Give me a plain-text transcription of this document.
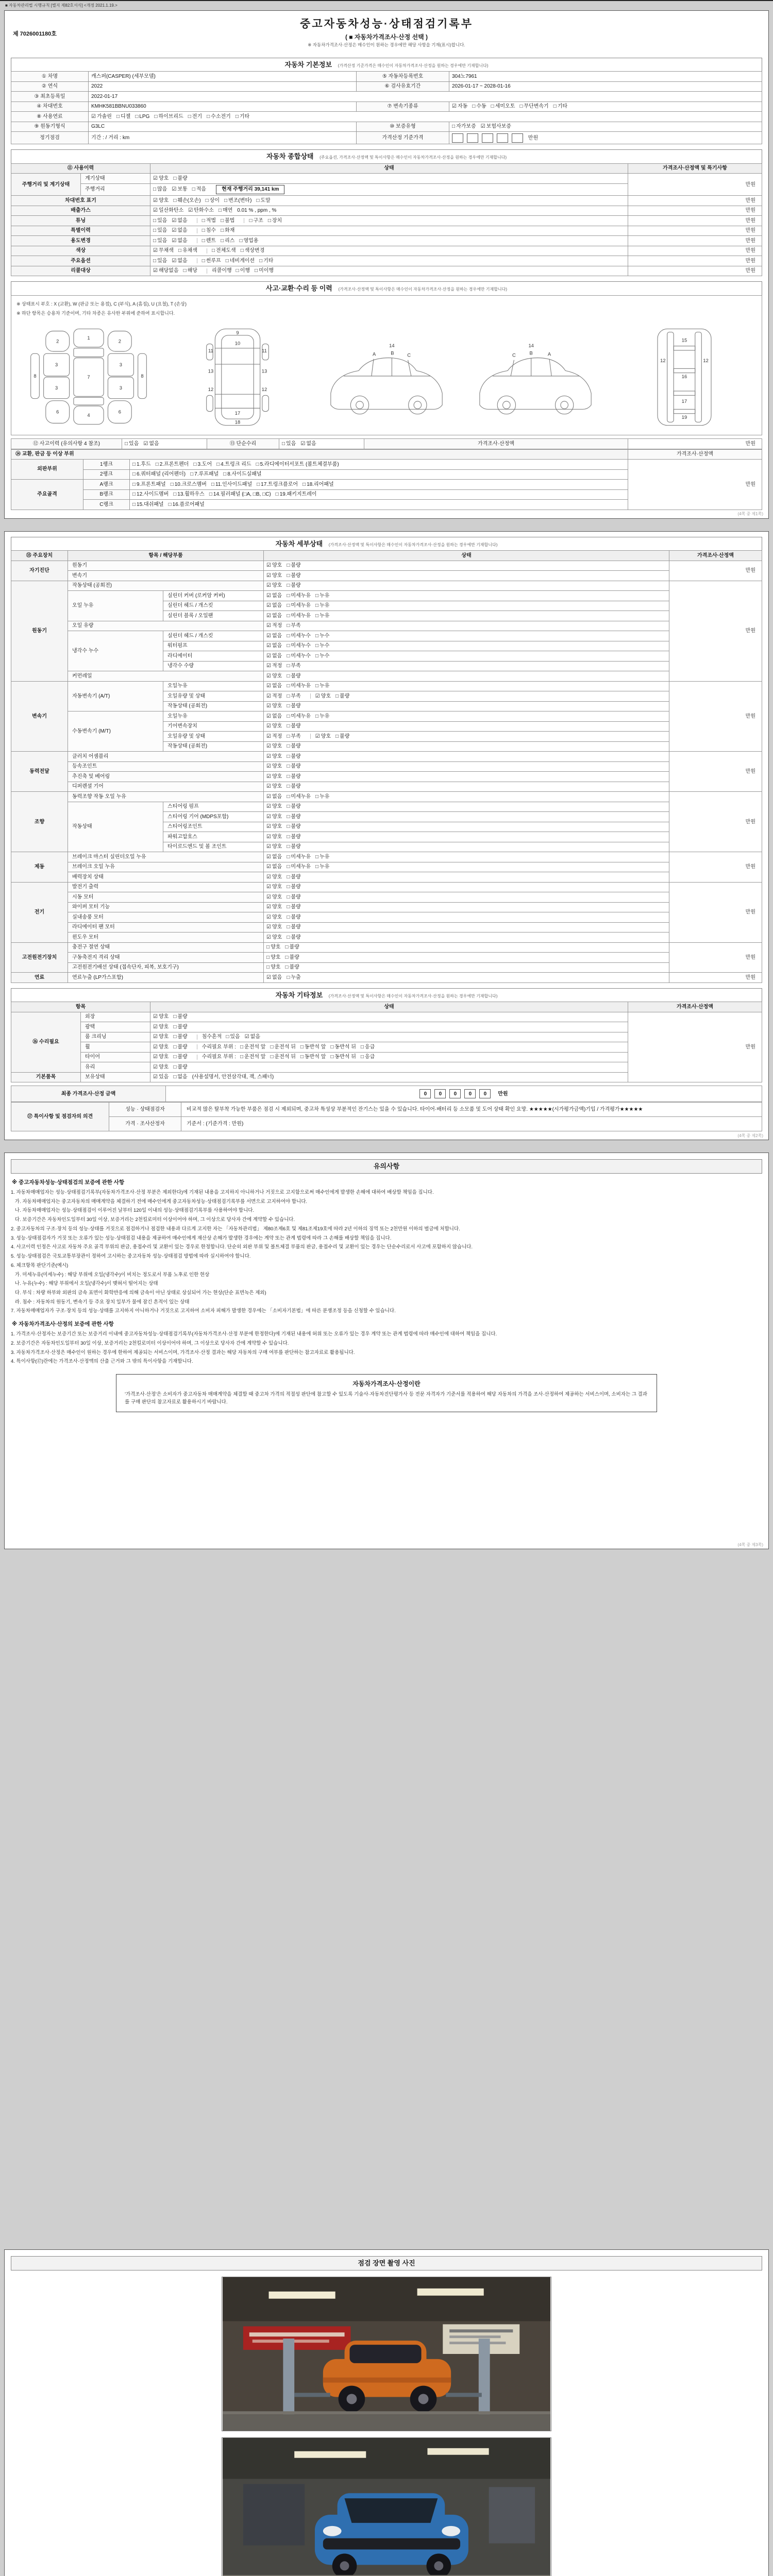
■ 자동차관리법 시행규칙 [별지 제82호서식] <개정 2021.1.19.>
제 7026001180호
중고자동차성능·상태점검기록부
( ■ 자동차가격조사·산정 선택 )
※ 자동차가격조사·산정은 매수인이 원하는 경우에만 해당 사항을 기재(표시)합니다.
자동차 기본정보 (가격산정 기준가격은 매수인이 자동차가격조사·산정을 원하는 경우에만 기재합니다)
① 차명	캐스퍼(CASPER) (세부모델)	⑤ 자동차등록번호	304노7961
② 연식	2022	⑥ 검사유효기간	2026-01-17 ~ 2028-01-16
③ 최초등록일	2022-01-17		
④ 차대번호	KMHK581BBNU033860	⑦ 변속기종류	☑ 자동 □ 수동 □ 세미오토 □ 무단변속기 □ 기타
⑧ 사용연료	☑ 가솔린 □ 디젤 □ LPG □ 하이브리드 □ 전기 □ 수소전기 □ 기타		
⑨ 원동기형식	G3LC	⑩ 보증유형	□ 자가보증 ☑ 보험사보증
정기점검	기간 : / 거리 : km	가격산정 기준가격	만원
자동차 종합상태 (주요옵션, 가격조사·산정액 및 특이사항은 매수인이 자동차가격조사·산정을 원하는 경우에만 기재합니다)
⑪ 사용이력		상태	가격조사·산정액 및 특기사항
주행거리 및 계기상태	계기상태	☑ 양호 □ 불량	만원
	주행거리	□ 많음 ☑ 보통 □ 적음 현재 주행거리 39,141 km	
차대번호 표기		☑ 양호 □ 훼손(오손) □ 상이 □ 변조(변타) □ 도말	만원
배출가스		☑ 일산화탄소 ☑ 탄화수소 □ 매연 0.01 % , ppm , %	만원
튜닝		□ 있음 ☑ 없음 □ 적법 □ 불법 □ 구조 □ 장치	만원
특별이력		□ 있음 ☑ 없음 □ 침수 □ 화재	만원
용도변경		□ 있음 ☑ 없음 □ 렌트 □ 리스 □ 영업용	만원
색상		☑ 무채색 □ 유채색 □ 전체도색 □ 색상변경	만원
주요옵션		□ 있음 ☑ 없음 □ 썬루프 □ 네비게이션 □ 기타	만원
리콜대상		☑ 해당없음 □ 해당 리콜이행 □ 이행 □ 미이행	만원
사고·교환·수리 등 이력 (가격조사·산정액 및 특이사항은 매수인이 자동차가격조사·산정을 원하는 경우에만 기재합니다)
※ 상태표시 부호 : X (교환), W (판금 또는 용접), C (부식), A (흠집), U (요철), T (손상)
※ 하단 항목은 승용차 기준이며, 기타 차종은 유사한 부위에 준하여 표시합니다.
1
2	2
3	3
3	3
4
6	6
7
8	8
9
10
11	11
13	13
12	12
17
18
14
A	B	C
14
C	B	A
15
16
12	12
17
19
⑫ 사고이력 (유의사항 4 참조)	□ 있음 ☑ 없음	⑬ 단순수리	□ 있음 ☑ 없음	가격조사·산정액	만원
⑭ 교환, 판금 등 이상 부위			가격조사·산정액
외판부위	1랭크	□ 1.후드 □ 2.프론트펜더 □ 3.도어 □ 4.트렁크 리드 □ 5.라디에이터서포트 (볼트체결부품)	만원
	2랭크	□ 6.쿼터패널 (리어펜더) □ 7.루프패널 □ 8.사이드실패널	
주요골격	A랭크	□ 9.프론트패널 □ 10.크로스멤버 □ 11.인사이드패널 □ 17.트렁크플로어 □ 18.리어패널	
	B랭크	□ 12.사이드멤버 □ 13.휠하우스 □ 14.필러패널 (□A, □B, □C) □ 19.패키지트레이	
	C랭크	□ 15.대쉬패널 □ 16.플로어패널	
(4쪽 중 제1쪽)
자동차 세부상태 (가격조사·산정액 및 특이사항은 매수인이 자동차가격조사·산정을 원하는 경우에만 기재합니다)
⑮ 주요장치	항목 / 해당부품		상태	가격조사·산정액
자기진단	원동기		☑ 양호 □ 불량	만원
	변속기		☑ 양호 □ 불량	
원동기	작동상태 (공회전)		☑ 양호 □ 불량	만원
	오일 누유	실린더 커버 (로커암 커버)	☑ 없음 □ 미세누유 □ 누유	
		실린더 헤드 / 개스킷	☑ 없음 □ 미세누유 □ 누유	
		실린더 블록 / 오일팬	☑ 없음 □ 미세누유 □ 누유	
	오일 유량		☑ 적정 □ 부족	
	냉각수 누수	실린더 헤드 / 개스킷	☑ 없음 □ 미세누수 □ 누수	
		워터펌프	☑ 없음 □ 미세누수 □ 누수	
		라디에이터	☑ 없음 □ 미세누수 □ 누수	
		냉각수 수량	☑ 적정 □ 부족	
	커먼레일		☑ 양호 □ 불량	
변속기	자동변속기 (A/T)	오일누유	☑ 없음 □ 미세누유 □ 누유	만원
		오일유량 및 상태	☑ 적정 □ 부족 ☑ 양호 □ 불량	
		작동상태 (공회전)	☑ 양호 □ 불량	
	수동변속기 (M/T)	오일누유	☑ 없음 □ 미세누유 □ 누유	
		기어변속장치	☑ 양호 □ 불량	
		오일유량 및 상태	☑ 적정 □ 부족 ☑ 양호 □ 불량	
		작동상태 (공회전)	☑ 양호 □ 불량	
동력전달	클러치 어셈블리		☑ 양호 □ 불량	만원
	등속조인트		☑ 양호 □ 불량	
	추진축 및 베어링		☑ 양호 □ 불량	
	디퍼렌셜 기어		☑ 양호 □ 불량	
조향	동력조향 작동 오일 누유		☑ 없음 □ 미세누유 □ 누유	만원
	작동상태	스티어링 펌프	☑ 양호 □ 불량	
		스티어링 기어 (MDPS포함)	☑ 양호 □ 불량	
		스티어링조인트	☑ 양호 □ 불량	
		파워고압호스	☑ 양호 □ 불량	
		타이로드엔드 및 볼 조인트	☑ 양호 □ 불량	
제동	브레이크 마스터 실린더오일 누유		☑ 없음 □ 미세누유 □ 누유	만원
	브레이크 오일 누유		☑ 없음 □ 미세누유 □ 누유	
	배력장치 상태		☑ 양호 □ 불량	
전기	발전기 출력		☑ 양호 □ 불량	만원
	시동 모터		☑ 양호 □ 불량	
	와이퍼 모터 기능		☑ 양호 □ 불량	
	실내송풍 모터		☑ 양호 □ 불량	
	라디에이터 팬 모터		☑ 양호 □ 불량	
	윈도우 모터		☑ 양호 □ 불량	
고전원전기장치	충전구 절연 상태		□ 양호 □ 불량	만원
	구동축전지 격리 상태		□ 양호 □ 불량	
	고전원전기배선 상태 (접속단자, 피복, 보호기구)		□ 양호 □ 불량	
연료	연료누출 (LP가스포함)		☑ 없음 □ 누출	만원
자동차 기타정보 (가격조사·산정액 및 특이사항은 매수인이 자동차가격조사·산정을 원하는 경우에만 기재합니다)
항목		상태	가격조사·산정액
⑯ 수리필요	외장	☑ 양호 □ 불량	만원
	광택	☑ 양호 □ 불량	
	룸 크리닝	☑ 양호 □ 불량 침수흔적 □ 있음 ☑ 없음	
	휠	☑ 양호 □ 불량 수리필요 부위 : □ 운전석 앞 □ 운전석 뒤 □ 동반석 앞 □ 동반석 뒤 □ 응급	
	타이어	☑ 양호 □ 불량 수리필요 부위 : □ 운전석 앞 □ 운전석 뒤 □ 동반석 앞 □ 동반석 뒤 □ 응급	
	유리	☑ 양호 □ 불량	
기본품목	보유상태	☑ 있음 □ 없음 (사용설명서, 안전삼각대, 잭, 스패너)	
최종 가격조사·산정 금액	0 0 0 0 0 만원
⑰ 특이사항 및 점검자의 의견	성능 · 상태점검자	비교적 많은 탈부착 가능한 부품은 점검 시 제외되며, 중고차 특성상 부분적인 잔기스는 있을 수 있습니다. 타이어·배터리 등 소모품 및 도어 상태 확인 요망. ★★★★★(시가평가금액)기입 / 가격평가★★★★★
	가격 · 조사산정자	기준서 : (기준가격 : 만원)
(4쪽 중 제2쪽)
유의사항
※ 중고자동차성능·상태점검의 보증에 관한 사항
1. 자동차매매업자는 성능·상태점검기록부(자동차가격조사·산정 부분은 제외한다)에 기재된 내용을 고지하지 아니하거나 거짓으로 고지함으로써 매수인에게 발생한 손해에 대하여 배상할 책임을 집니다.
가. 자동차매매업자는 중고자동차의 매매계약을 체결하기 전에 매수인에게 중고자동차성능·상태점검기록부를 서면으로 고지하여야 합니다.
나. 자동차매매업자는 성능·상태점검이 이루어진 날부터 120일 이내의 성능·상태점검기록부를 사용하여야 합니다.
다. 보증기간은 자동차인도일부터 30일 이상, 보증거리는 2천킬로미터 이상이어야 하며, 그 이상으로 당사자 간에 계약할 수 있습니다.
2. 중고자동차의 구조·장치 등의 성능·상태를 거짓으로 점검하거나 점검한 내용과 다르게 고지한 자는 「자동차관리법」 제80조제6호 및 제81조제19호에 따라 2년 이하의 징역 또는 2천만원 이하의 벌금에 처합니다.
3. 성능·상태점검자가 거짓 또는 오류가 있는 성능·상태점검 내용을 제공하여 매수인에게 재산상 손해가 발생한 경우에는 계약 또는 관계 법령에 따라 그 손해를 배상할 책임을 집니다.
4. 사고이력 인정은 사고로 자동차 주요 골격 부위의 판금, 용접수리 및 교환이 있는 경우로 한정합니다. 단순히 외판 부위 및 볼트체결 부품의 판금, 용접수리 및 교환이 있는 경우는 단순수리로서 사고에 포함하지 않습니다.
5. 성능·상태점검은 국토교통부장관이 정하여 고시하는 중고자동차 성능·상태점검 방법에 따라 실시하여야 합니다.
6. 체크항목 판단기준(예시)
가. 미세누유(미세누수) : 해당 부위에 오일(냉각수)이 비치는 정도로서 부품 노후로 인한 현상
나. 누유(누수) : 해당 부위에서 오일(냉각수)이 맺혀서 떨어지는 상태
다. 부식 : 차량 하부와 외판의 금속 표면이 화학반응에 의해 금속이 아닌 상태로 상실되어 가는 현상(단순 표면녹은 제외)
라. 침수 : 자동차의 원동기, 변속기 등 주요 장치 일부가 물에 잠긴 흔적이 있는 상태
7. 자동차매매업자가 구조·장치 등의 성능·상태를 고지하지 아니하거나 거짓으로 고지하여 소비자 피해가 발생한 경우에는 「소비자기본법」에 따른 분쟁조정 등을 신청할 수 있습니다.
※ 자동차가격조사·산정의 보증에 관한 사항
1. 가격조사·산정자는 보증기간 또는 보증거리 이내에 중고자동차성능·상태점검기록부(자동차가격조사·산정 부분에 한정한다)에 기재된 내용에 허위 또는 오류가 있는 경우 계약 또는 관계 법령에 따라 매수인에 대하여 책임을 집니다.
2. 보증기간은 자동차인도일부터 30일 이상, 보증거리는 2천킬로미터 이상이어야 하며, 그 이상으로 당사자 간에 계약할 수 있습니다.
3. 자동차가격조사·산정은 매수인이 원하는 경우에 한하여 제공되는 서비스이며, 가격조사·산정 결과는 해당 자동차의 구매 여부를 판단하는 참고자료로 활용됩니다.
4. 특이사항(⑰)란에는 가격조사·산정액의 산출 근거와 그 밖의 특이사항을 기재합니다.
자동차가격조사·산정이란
'가격조사·산정'은 소비자가 중고자동차 매매계약을 체결할 때 중고차 가격의 적절성 판단에 참고할 수 있도록 기술사·자동차진단평가사 등 전문 자격자가 기준서를 적용하여 해당 자동차의 가격을 조사·산정하여 제공하는 서비스이며, 소비자는 그 결과를 구매 판단의 참고자료로 활용하시기 바랍니다.
(4쪽 중 제3쪽)
점검 장면 촬영 사진
